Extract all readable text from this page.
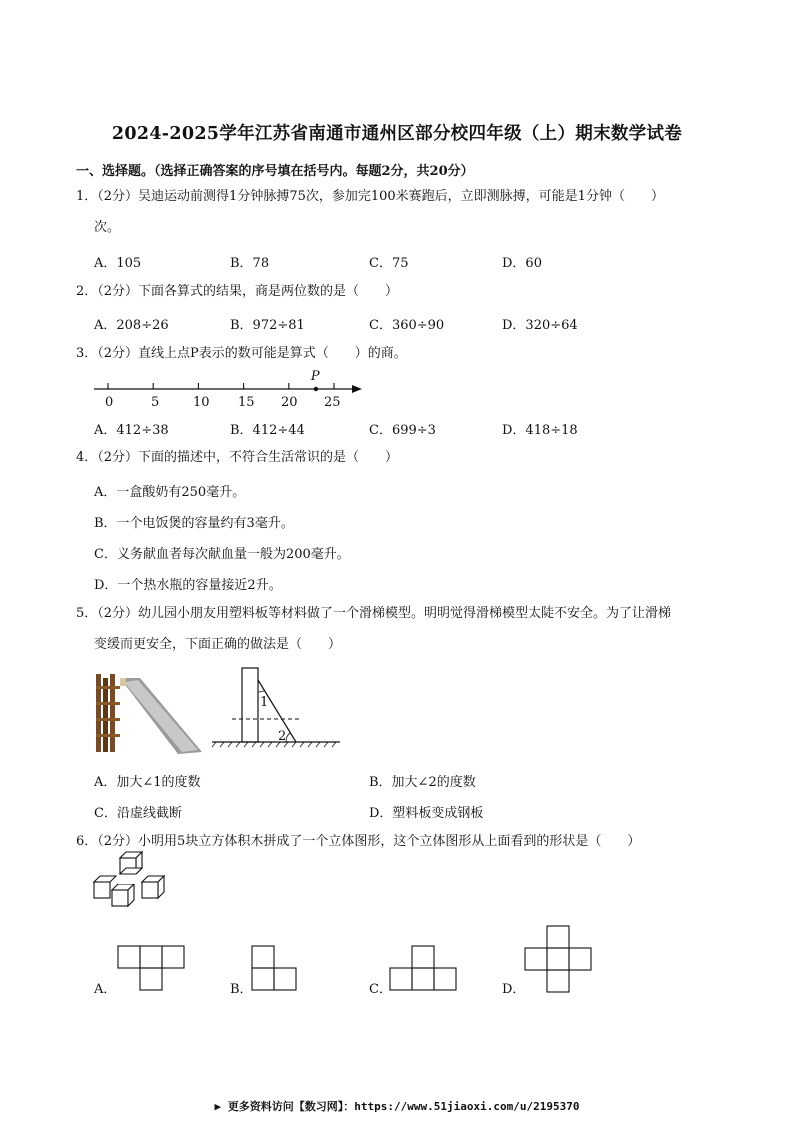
2024-2025学年江苏省南通市通州区部分校四年级（上）期末数学试卷
一、选择题。（选择正确答案的序号填在括号内。每题2分，共20分）
1．（2分）吴迪运动前测得1分钟脉搏75次，参加完100米赛跑后，立即测脉搏，可能是1分钟（　　）
次。
A．105	B．78	C．75	D．60
2．（2分）下面各算式的结果，商是两位数的是（　　）
A．208÷26	B．972÷81	C．360÷90	D．320÷64
3．（2分）直线上点P表示的数可能是算式（　　）的商。
P
0	5	10 15 20 25
A．412÷38	B．412÷44	C．699÷3	D．418÷18
4．（2分）下面的描述中，不符合生活常识的是（　　）
A．一盒酸奶有250毫升。
B．一个电饭煲的容量约有3毫升。
C．义务献血者每次献血量一般为200毫升。
D．一个热水瓶的容量接近2升。
5．（2分）幼儿园小朋友用塑料板等材料做了一个滑梯模型。明明觉得滑梯模型太陡不安全。为了让滑梯
变缓而更安全，下面正确的做法是（　　）
1
2
A．加大∠1的度数	B．加大∠2的度数
C．沿虚线截断	D．塑料板变成钢板
6．（2分）小明用5块立方体积木拼成了一个立体图形，这个立体图形从上面看到的形状是（　　）
A．	B．	C．	D．
▶ 更多资料访问【数习网】：https://www.51jiaoxi.com/u/2195370
